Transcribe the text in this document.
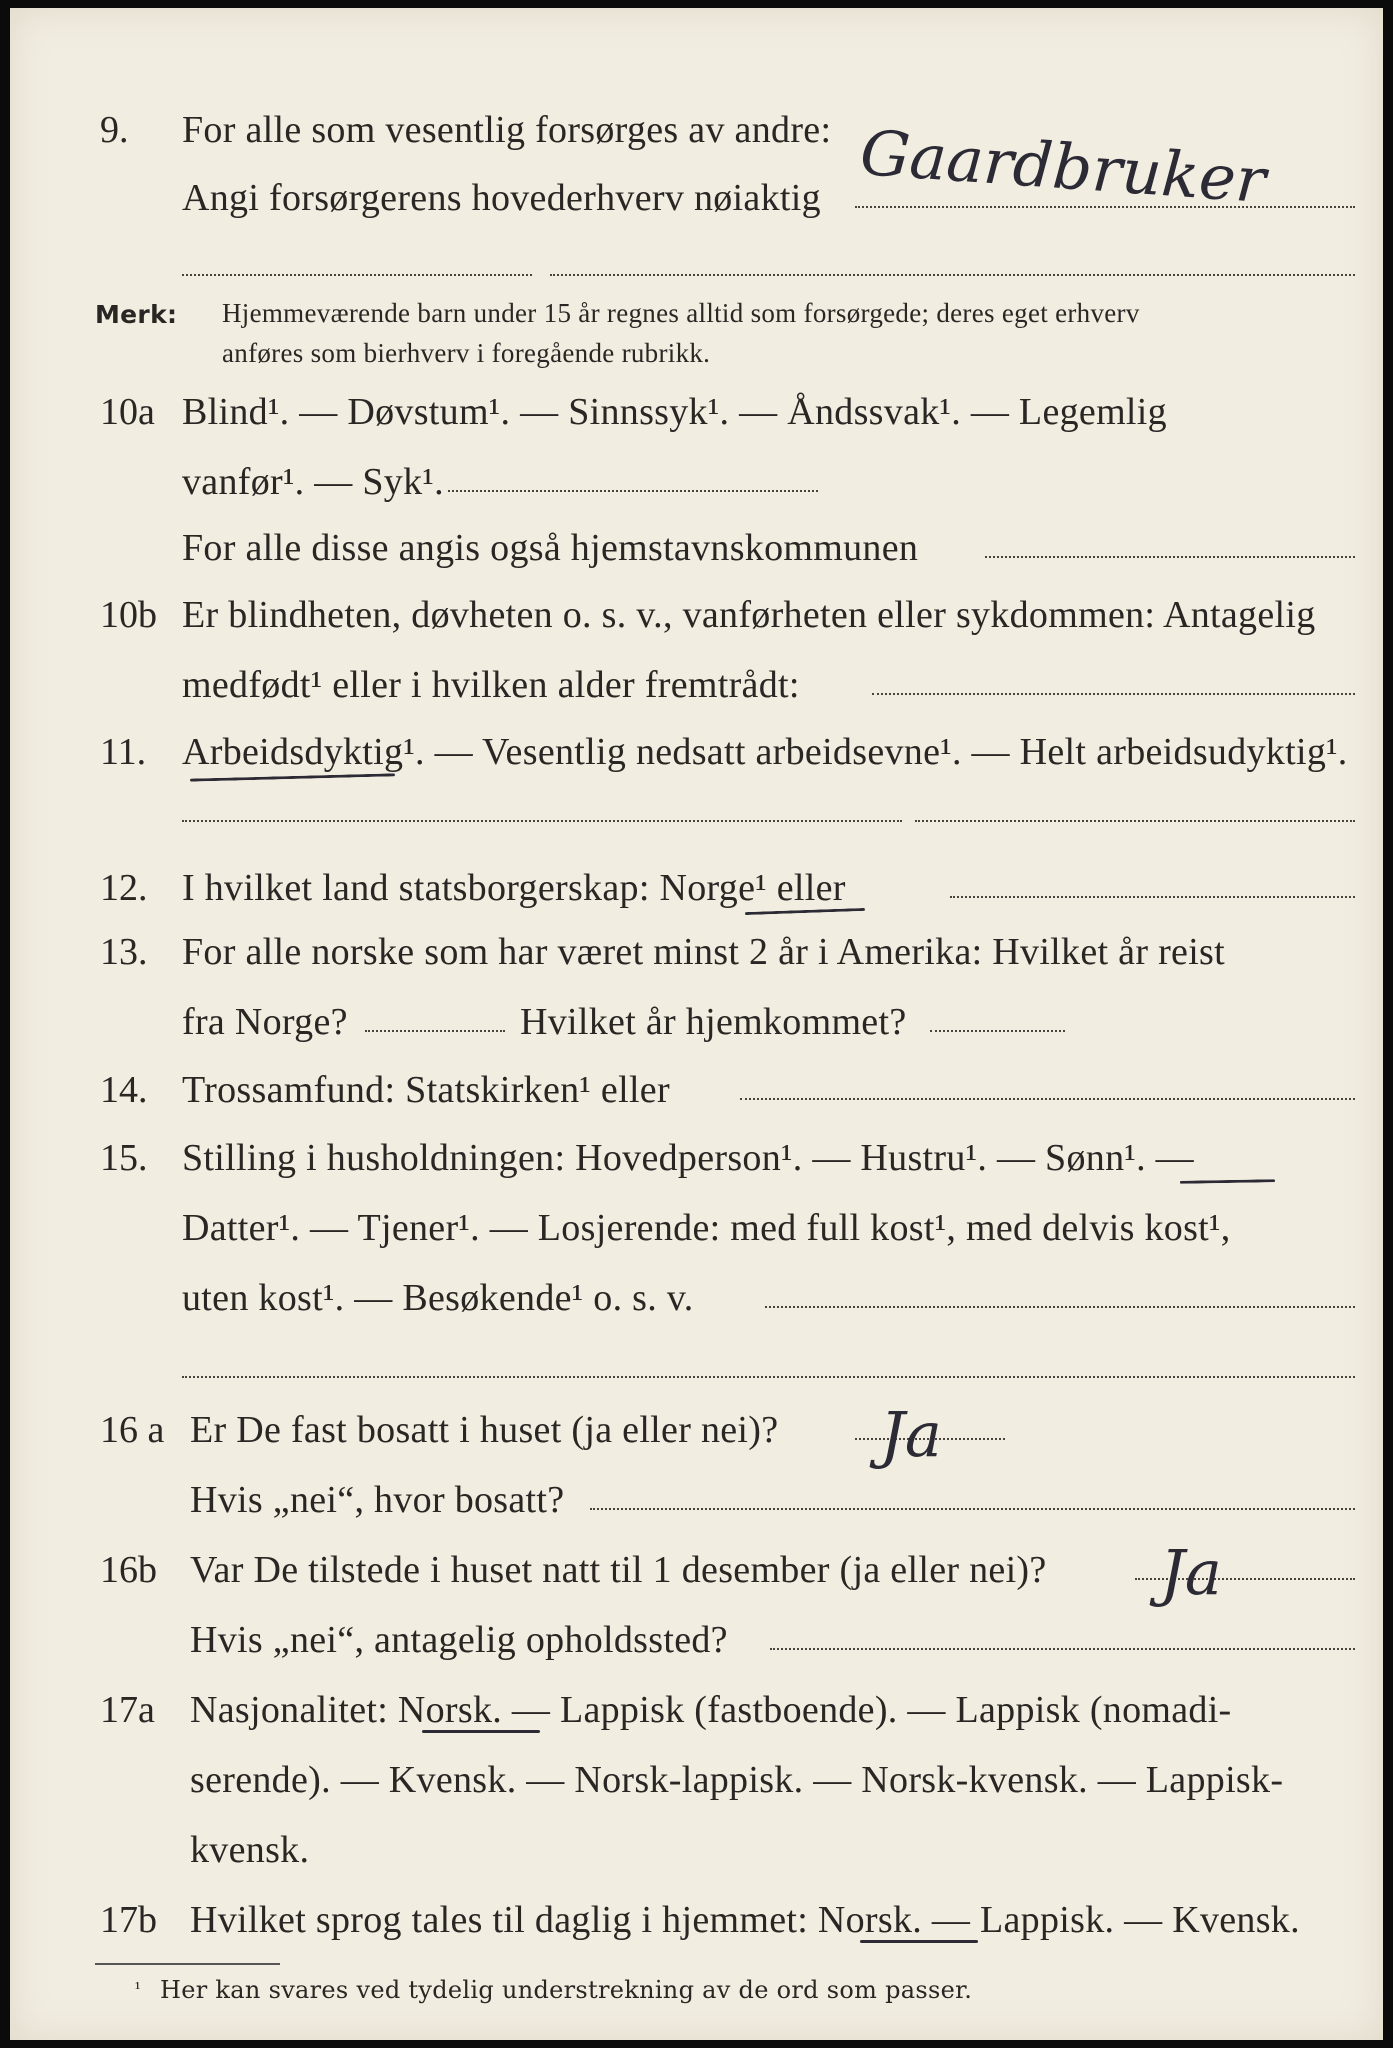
9. For alle som vesentlig forsørges av andre:
Angi forsørgerens hovederhverv nøiaktig Gaardbruker
Merk: Hjemmeværende barn under 15 år regnes alltid som forsørgede; deres eget erhverv
anføres som bierhverv i foregående rubrikk.
10a Blind¹. — Døvstum¹. — Sinnssyk¹. — Åndssvak¹. — Legemlig
vanfør¹. — Syk¹.
For alle disse angis også hjemstavnskommunen
10b Er blindheten, døvheten o. s. v., vanførheten eller sykdommen: Antagelig
medfødt¹ eller i hvilken alder fremtrådt:
11. Arbeidsdyktig¹. — Vesentlig nedsatt arbeidsevne¹. — Helt arbeidsudyktig¹.
12. I hvilket land statsborgerskap: Norge¹ eller
13. For alle norske som har været minst 2 år i Amerika: Hvilket år reist
fra Norge?	Hvilket år hjemkommet?
14. Trossamfund: Statskirken¹ eller
15. Stilling i husholdningen: Hovedperson¹. — Hustru¹. — Sønn¹. —
Datter¹. — Tjener¹. — Losjerende: med full kost¹, med delvis kost¹,
uten kost¹. — Besøkende¹ o. s. v.
16 a Er De fast bosatt i huset (ja eller nei)? Ja
Hvis „nei“, hvor bosatt?
16b Var De tilstede i huset natt til 1 desember (ja eller nei)? Ja
Hvis „nei“, antagelig opholdssted?
17a Nasjonalitet: Norsk. — Lappisk (fastboende). — Lappisk (nomadi-
serende). — Kvensk. — Norsk-lappisk. — Norsk-kvensk. — Lappisk-
kvensk.
17b Hvilket sprog tales til daglig i hjemmet: Norsk. — Lappisk. — Kvensk.
¹ Her kan svares ved tydelig understrekning av de ord som passer.
